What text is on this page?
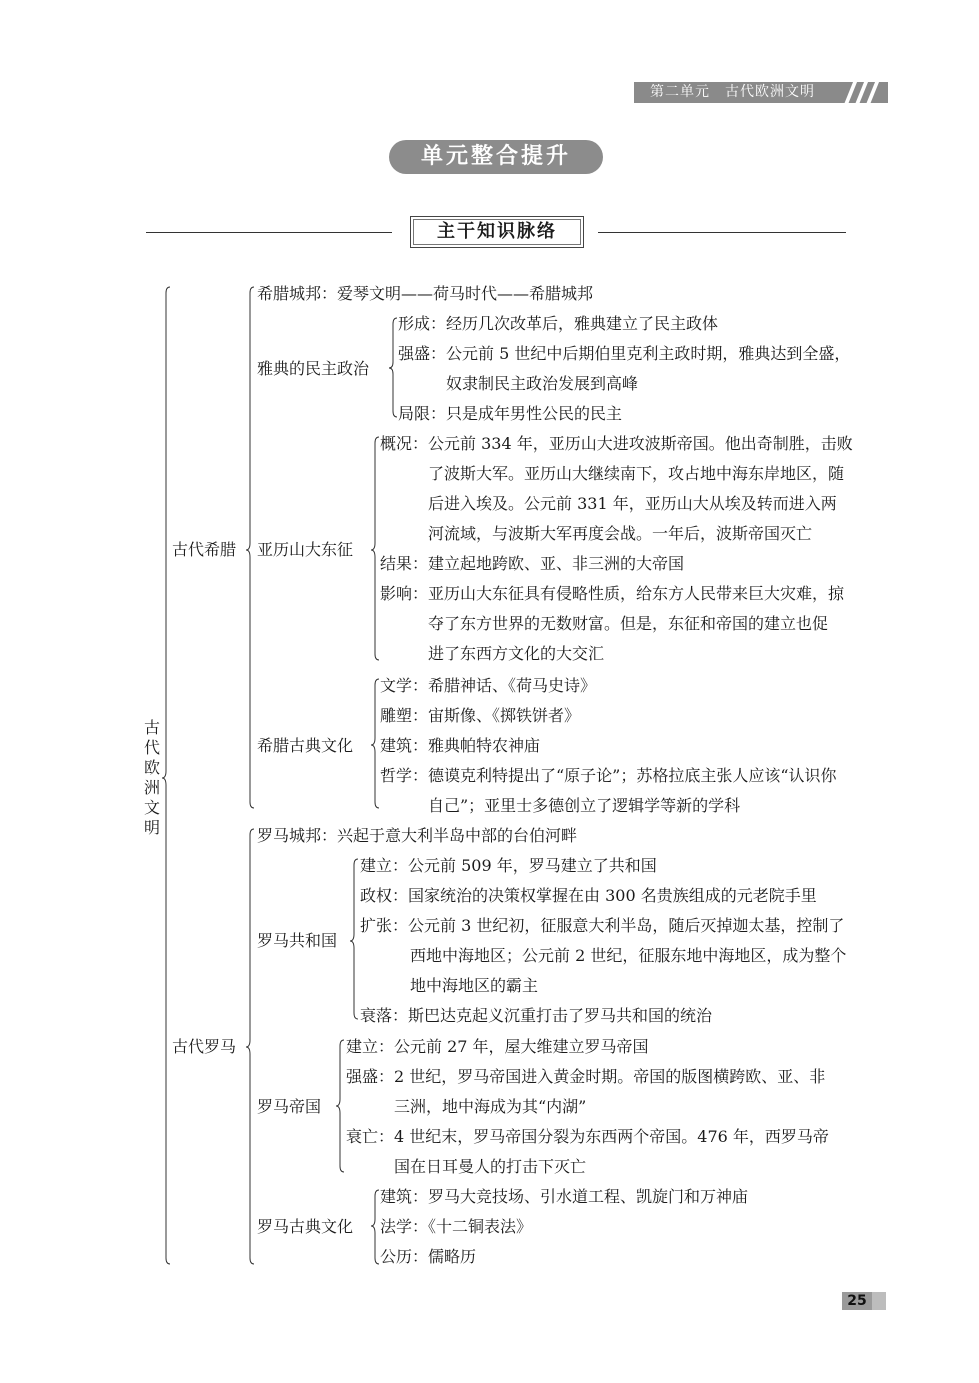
第二单元　古代欧洲文明
单元整合提升
主干知识脉络
古代欧洲文明
古代希腊
古代罗马
希腊城邦：爱琴文明——荷马时代——希腊城邦
形成：经历几次改革后，雅典建立了民主政体
雅典的民主政治
强盛：公元前 5 世纪中后期伯里克利主政时期，雅典达到全盛，
奴隶制民主政治发展到高峰
局限：只是成年男性公民的民主
概况：公元前 334 年，亚历山大进攻波斯帝国。他出奇制胜，击败
了波斯大军。亚历山大继续南下，攻占地中海东岸地区，随
后进入埃及。公元前 331 年，亚历山大从埃及转而进入两
河流域，与波斯大军再度会战。一年后，波斯帝国灭亡
亚历山大东征
结果：建立起地跨欧、亚、非三洲的大帝国
影响：亚历山大东征具有侵略性质，给东方人民带来巨大灾难，掠
夺了东方世界的无数财富。但是，东征和帝国的建立也促
进了东西方文化的大交汇
文学：希腊神话、《荷马史诗》
雕塑：宙斯像、《掷铁饼者》
希腊古典文化 建筑：雅典帕特农神庙
哲学：德谟克利特提出了“原子论”；苏格拉底主张人应该“认识你
自己”；亚里士多德创立了逻辑学等新的学科
罗马城邦：兴起于意大利半岛中部的台伯河畔
建立：公元前 509 年，罗马建立了共和国
政权：国家统治的决策权掌握在由 300 名贵族组成的元老院手里
扩张：公元前 3 世纪初，征服意大利半岛，随后灭掉迦太基，控制了
罗马共和国
西地中海地区；公元前 2 世纪，征服东地中海地区，成为整个
地中海地区的霸主
衰落：斯巴达克起义沉重打击了罗马共和国的统治
建立：公元前 27 年，屋大维建立罗马帝国
强盛：2 世纪，罗马帝国进入黄金时期。帝国的版图横跨欧、亚、非
罗马帝国	三洲，地中海成为其“内湖”
衰亡：4 世纪末，罗马帝国分裂为东西两个帝国。476 年，西罗马帝
国在日耳曼人的打击下灭亡
建筑：罗马大竞技场、引水道工程、凯旋门和万神庙
罗马古典文化 法学：《十二铜表法》
公历：儒略历
25
